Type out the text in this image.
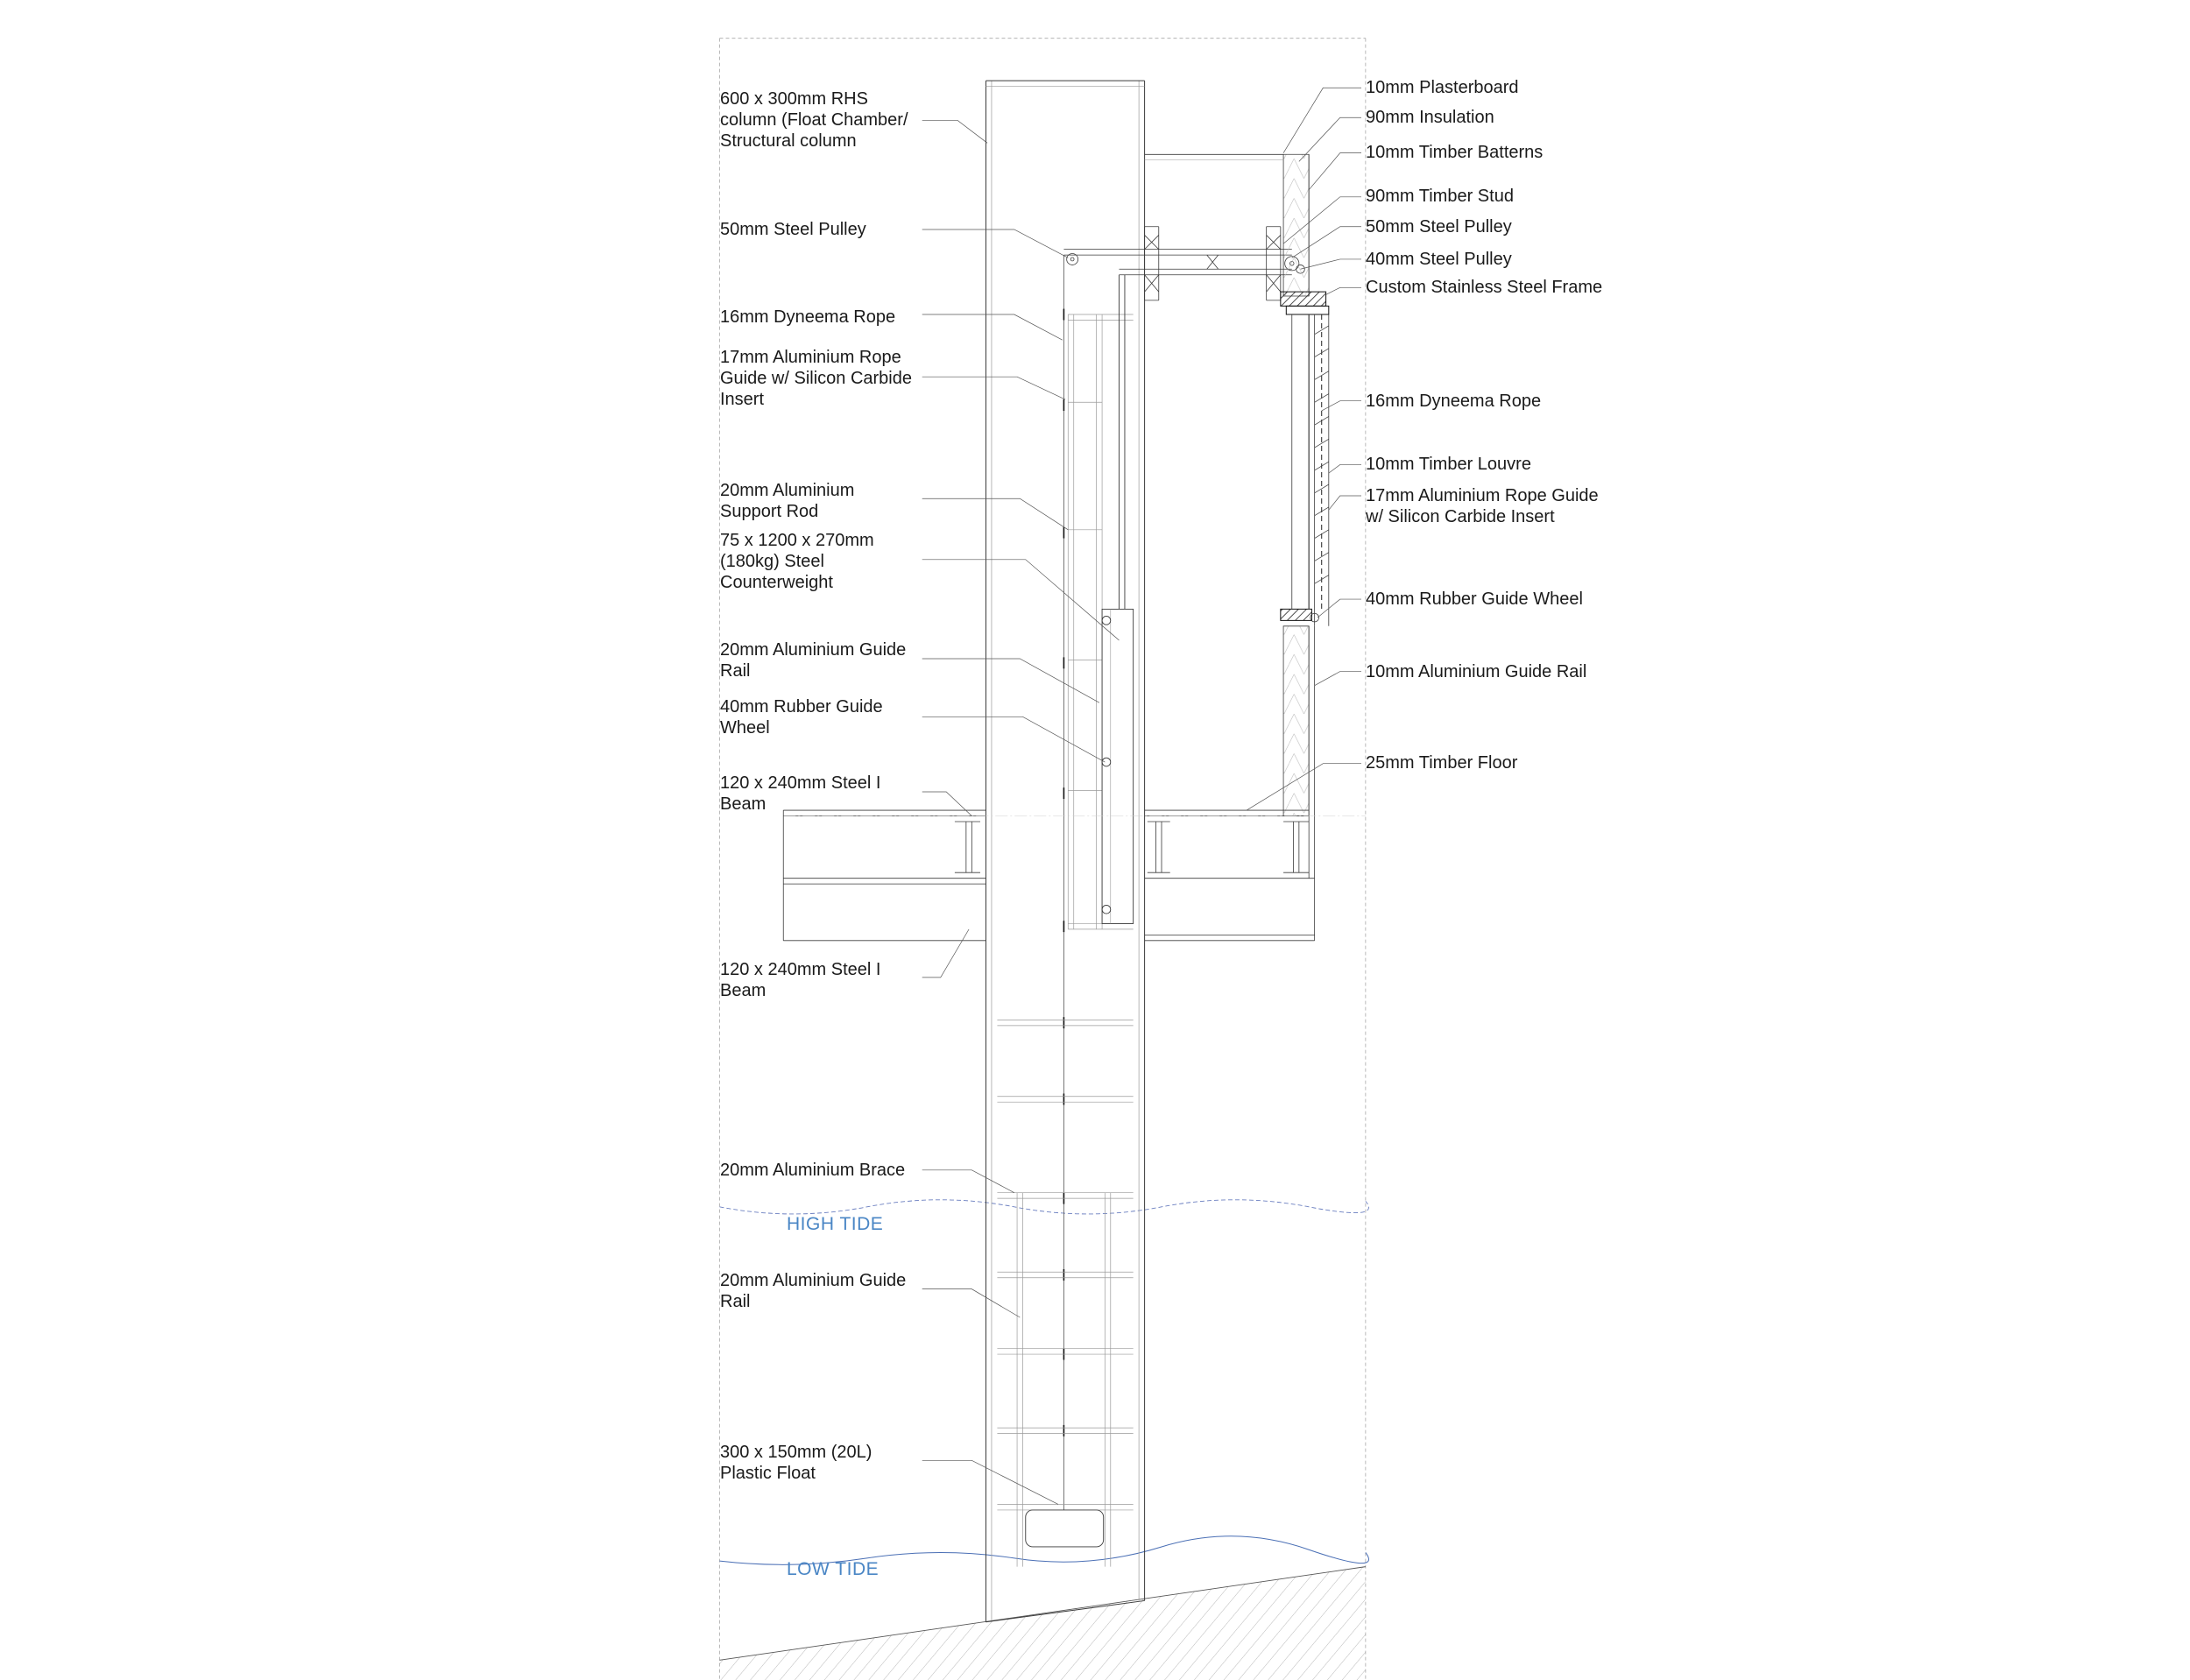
600 x 300mm RHS
column (Float Chamber/
Structural column
50mm Steel Pulley
16mm Dyneema Rope
17mm Aluminium Rope
Guide w/ Silicon Carbide
Insert
20mm Aluminium
Support Rod
75 x 1200 x 270mm
(180kg) Steel
Counterweight
20mm Aluminium Guide
Rail
40mm Rubber Guide
Wheel
120 x 240mm Steel I
Beam
120 x 240mm Steel I
Beam
20mm Aluminium Brace
20mm Aluminium Guide
Rail
300 x 150mm (20L)
Plastic Float
10mm Plasterboard
90mm Insulation
10mm Timber Batterns
90mm Timber Stud
50mm Steel Pulley
40mm Steel Pulley
Custom Stainless Steel Frame
16mm Dyneema Rope
10mm Timber Louvre
17mm Aluminium Rope Guide
w/ Silicon Carbide Insert
40mm Rubber Guide Wheel
10mm Aluminium Guide Rail
25mm Timber Floor
HIGH TIDE
LOW TIDE
